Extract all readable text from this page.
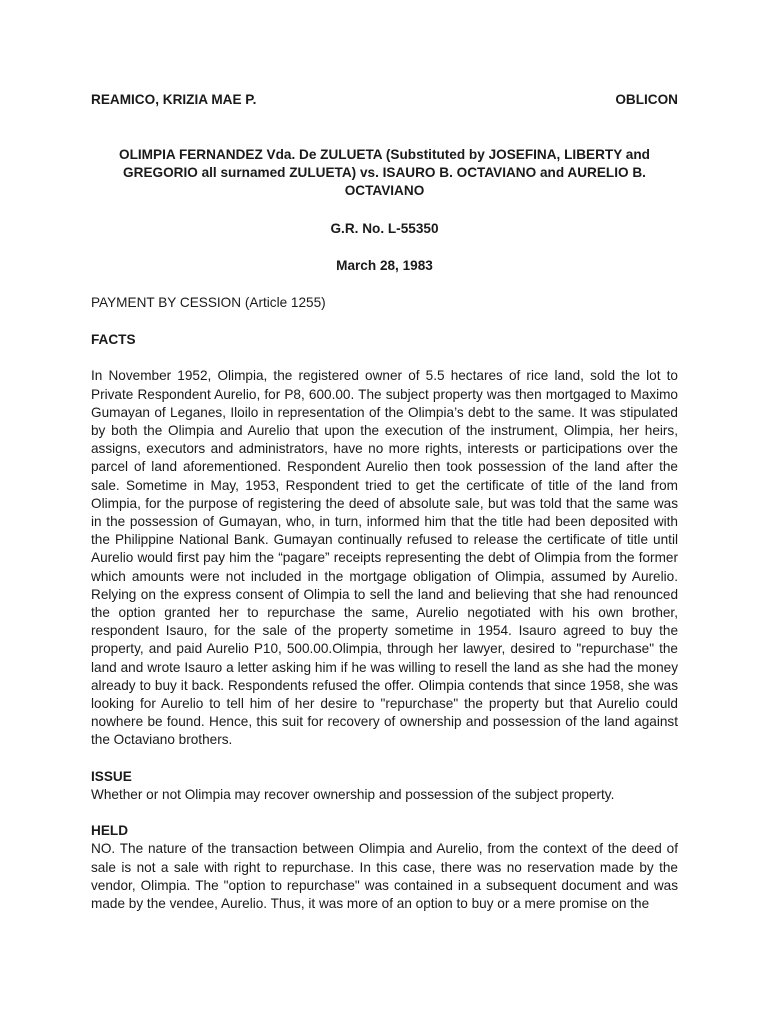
REAMICO, KRIZIA MAE P.	OBLICON
OLIMPIA FERNANDEZ Vda. De ZULUETA (Substituted by JOSEFINA, LIBERTY and GREGORIO all surnamed ZULUETA) vs. ISAURO B. OCTAVIANO and AURELIO B. OCTAVIANO
G.R. No. L-55350
March 28, 1983
PAYMENT BY CESSION (Article 1255)
FACTS

In November 1952, Olimpia, the registered owner of 5.5 hectares of rice land, sold the lot to Private Respondent Aurelio, for P8, 600.00. The subject property was then mortgaged to Maximo Gumayan of Leganes, Iloilo in representation of the Olimpia’s debt to the same. It was stipulated by both the Olimpia and Aurelio that upon the execution of the instrument, Olimpia, her heirs, assigns, executors and administrators, have no more rights, interests or participations over the parcel of land aforementioned. Respondent Aurelio then took possession of the land after the sale. Sometime in May, 1953, Respondent tried to get the certificate of title of the land from Olimpia, for the purpose of registering the deed of absolute sale, but was told that the same was in the possession of Gumayan, who, in turn, informed him that the title had been deposited with the Philippine National Bank. Gumayan continually refused to release the certificate of title until Aurelio would first pay him the “pagare” receipts representing the debt of Olimpia from the former which amounts were not included in the mortgage obligation of Olimpia, assumed by Aurelio. Relying on the express consent of Olimpia to sell the land and believing that she had renounced the option granted her to repurchase the same, Aurelio negotiated with his own brother, respondent Isauro, for the sale of the property sometime in 1954. Isauro agreed to buy the property, and paid Aurelio P10, 500.00.Olimpia, through her lawyer, desired to "repurchase" the land and wrote Isauro a letter asking him if he was willing to resell the land as she had the money already to buy it back. Respondents refused the offer. Olimpia contends that since 1958, she was looking for Aurelio to tell him of her desire to "repurchase" the property but that Aurelio could nowhere be found. Hence, this suit for recovery of ownership and possession of the land against the Octaviano brothers.

ISSUE

Whether or not Olimpia may recover ownership and possession of the subject property.

HELD

NO. The nature of the transaction between Olimpia and Aurelio, from the context of the deed of sale is not a sale with right to repurchase. In this case, there was no reservation made by the vendor, Olimpia. The "option to repurchase" was contained in a subsequent document and was made by the vendee, Aurelio. Thus, it was more of an option to buy or a mere promise on the
